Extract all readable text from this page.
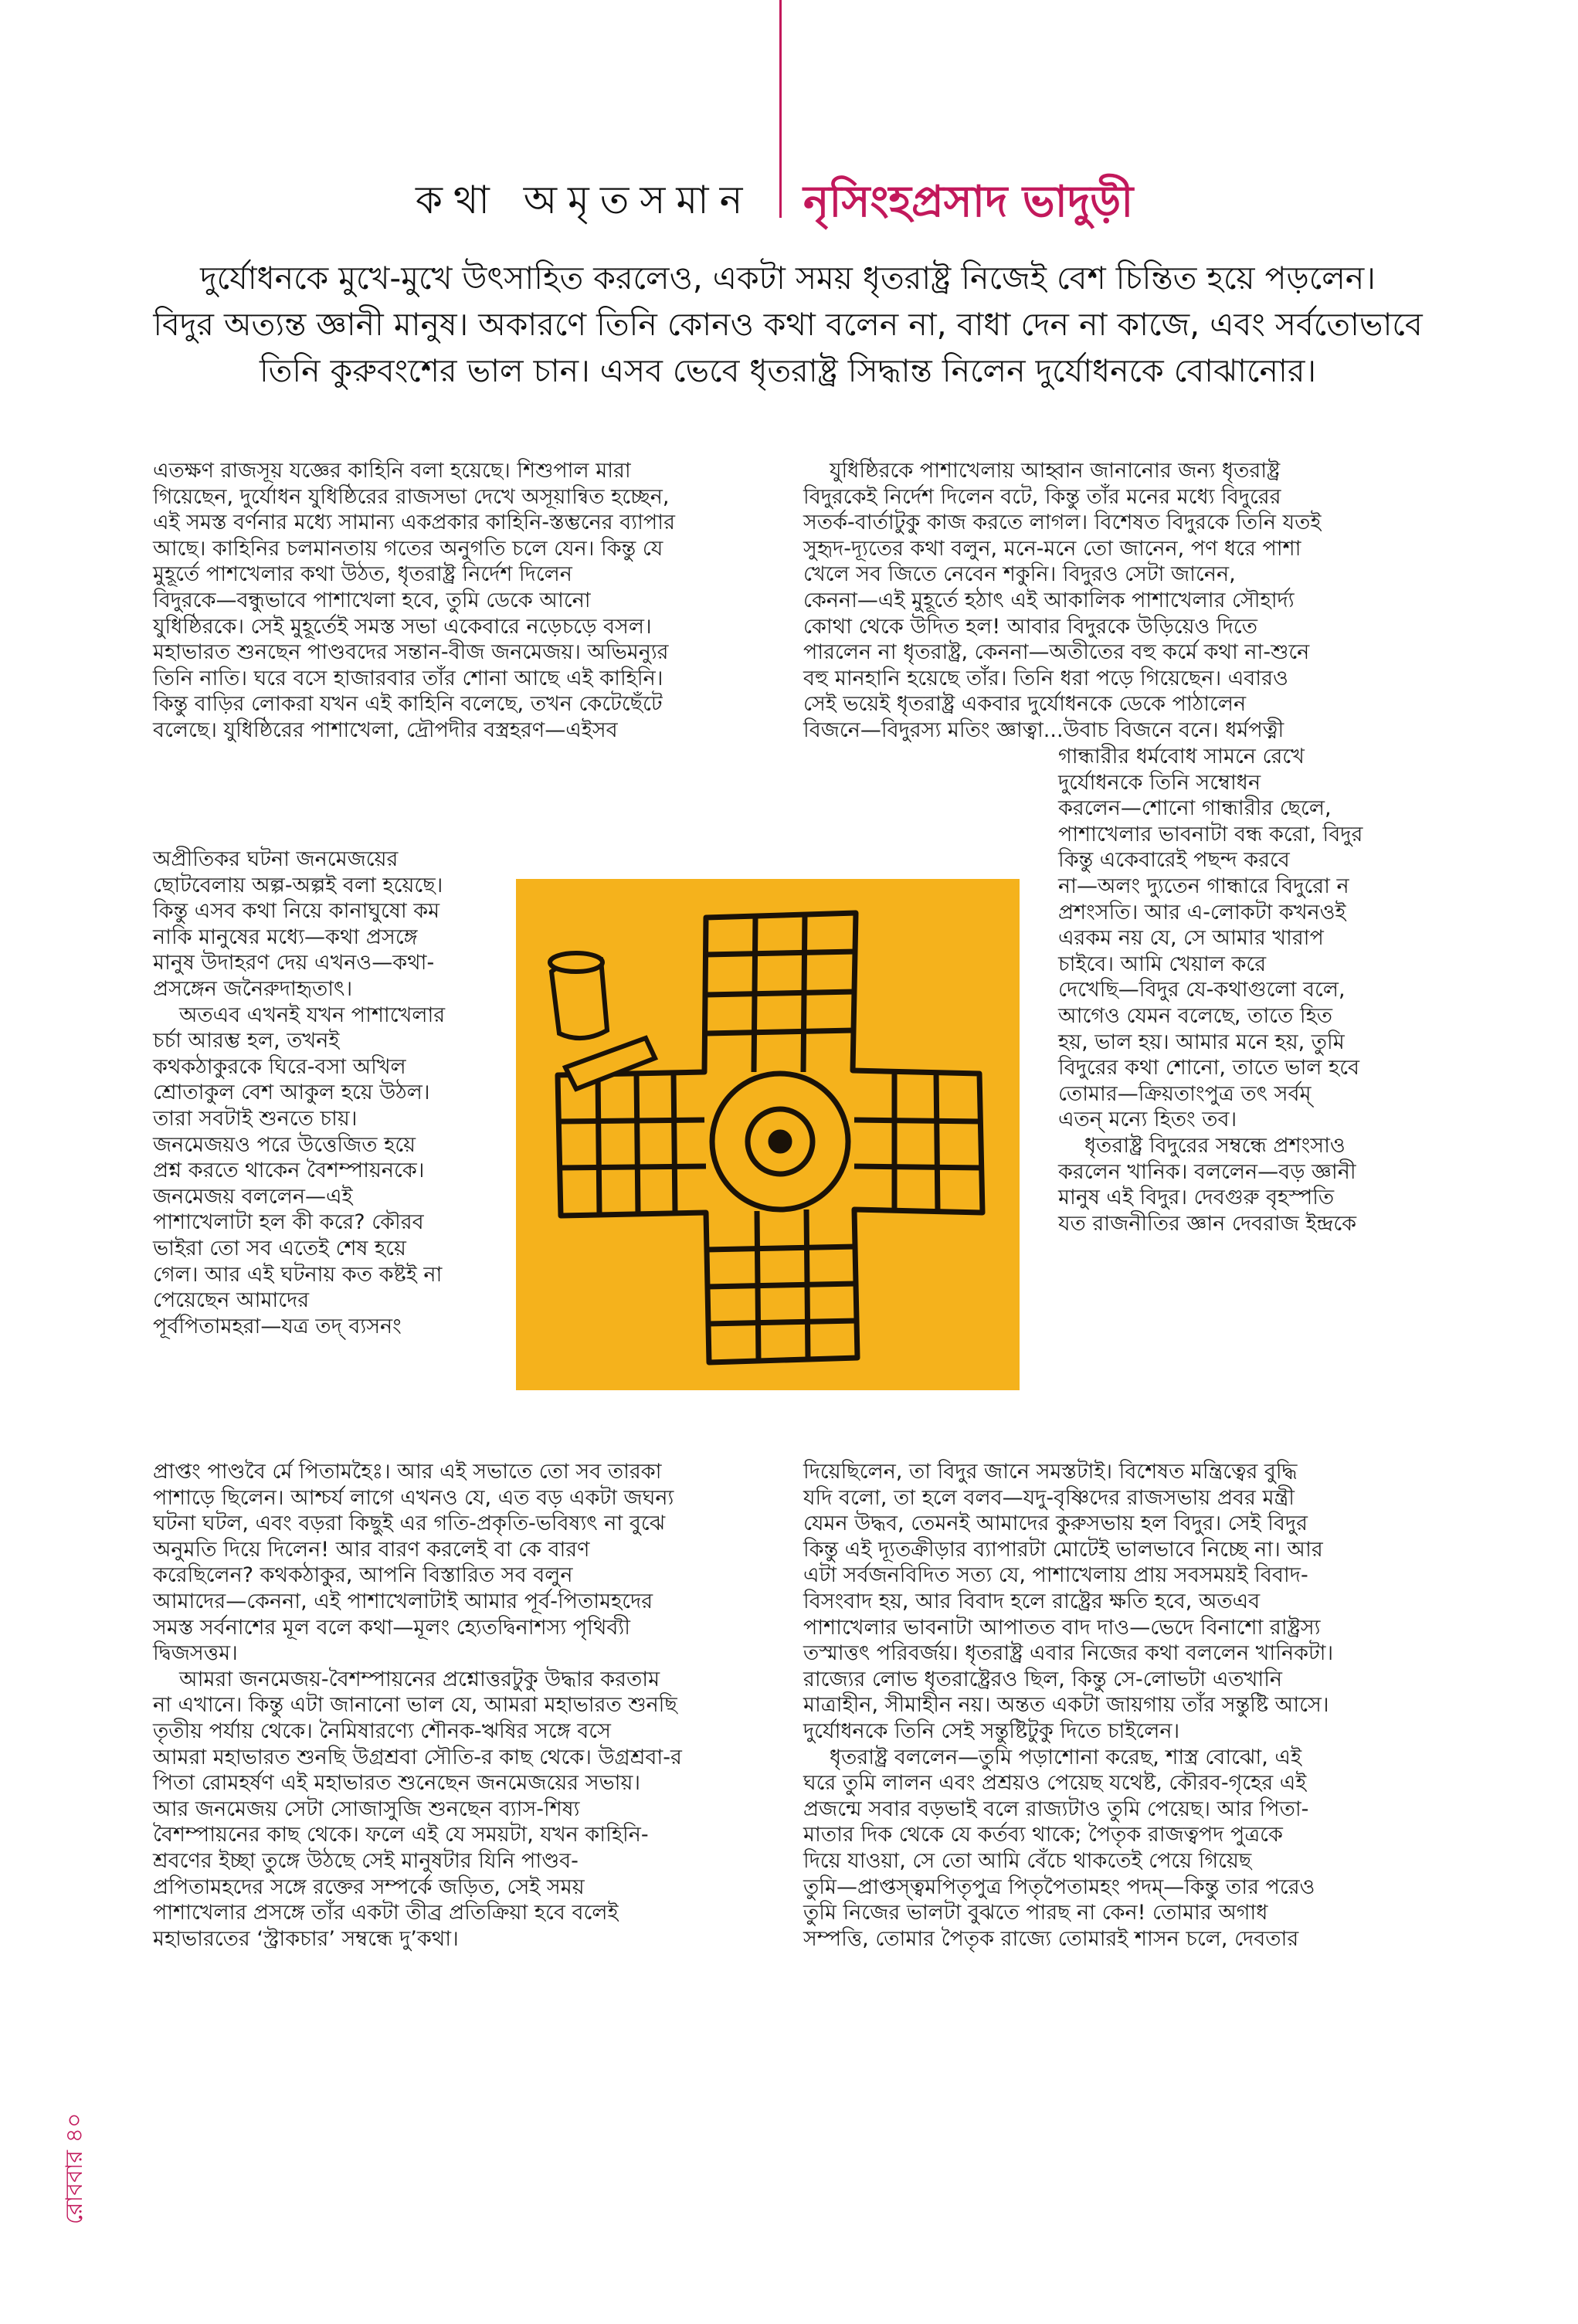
কথা অমৃতসমান নৃসিংহপ্রসাদ ভাদুড়ী
দুর্যোধনকে মুখে-মুখে উৎসাহিত করলেও, একটা সময় ধৃতরাষ্ট্র নিজেই বেশ চিন্তিত হয়ে পড়লেন।
বিদুর অত্যন্ত জ্ঞানী মানুষ। অকারণে তিনি কোনও কথা বলেন না, বাধা দেন না কাজে, এবং সর্বতোভাবে
তিনি কুরুবংশের ভাল চান। এসব ভেবে ধৃতরাষ্ট্র সিদ্ধান্ত নিলেন দুর্যোধনকে বোঝানোর।

এতক্ষণ রাজসূয় যজ্ঞের কাহিনি বলা হয়েছে। শিশুপাল মারা

গিয়েছেন, দুর্যোধন যুধিষ্ঠিরের রাজসভা দেখে অসূয়ান্বিত হচ্ছেন,

এই সমস্ত বর্ণনার মধ্যে সামান্য একপ্রকার কাহিনি-স্তম্ভনের ব্যাপার

আছে। কাহিনির চলমানতায় গতের অনুগতি চলে যেন। কিন্তু যে

মুহূর্তে পাশখেলার কথা উঠত, ধৃতরাষ্ট্র নির্দেশ দিলেন

বিদুরকে—বন্ধুভাবে পাশাখেলা হবে, তুমি ডেকে আনো

যুধিষ্ঠিরকে। সেই মুহূর্তেই সমস্ত সভা একেবারে নড়েচড়ে বসল।

মহাভারত শুনছেন পাণ্ডবদের সন্তান-বীজ জনমেজয়। অভিমন্যুর

তিনি নাতি। ঘরে বসে হাজারবার তাঁর শোনা আছে এই কাহিনি।

কিন্তু বাড়ির লোকরা যখন এই কাহিনি বলেছে, তখন কেটেছেঁটে

বলেছে। যুধিষ্ঠিরের পাশাখেলা, দ্রৌপদীর বস্ত্রহরণ—এইসব

অপ্রীতিকর ঘটনা জনমেজয়ের

ছোটবেলায় অল্প-অল্পই বলা হয়েছে।

কিন্তু এসব কথা নিয়ে কানাঘুষো কম

নাকি মানুষের মধ্যে—কথা প্রসঙ্গে

মানুষ উদাহরণ দেয় এখনও—কথা-

প্রসঙ্গেন জনৈরুদাহৃতাৎ।

অতএব এখনই যখন পাশাখেলার

চর্চা আরম্ভ হল, তখনই

কথকঠাকুরকে ঘিরে-বসা অখিল

শ্রোতাকুল বেশ আকুল হয়ে উঠল।

তারা সবটাই শুনতে চায়।

জনমেজয়ও পরে উত্তেজিত হয়ে

প্রশ্ন করতে থাকেন বৈশম্পায়নকে।

জনমেজয় বললেন—এই

পাশাখেলাটা হল কী করে? কৌরব

ভাইরা তো সব এতেই শেষ হয়ে

গেল। আর এই ঘটনায় কত কষ্টই না

পেয়েছেন আমাদের

পূর্বপিতামহরা—যত্র তদ্ ব্যসনং

প্রাপ্তং পাণ্ডবৈ র্মে পিতামহৈঃ। আর এই সভাতে তো সব তারকা

পাশাড়ে ছিলেন। আশ্চর্য লাগে এখনও যে, এত বড় একটা জঘন্য

ঘটনা ঘটল, এবং বড়রা কিছুই এর গতি-প্রকৃতি-ভবিষ্যৎ না বুঝে

অনুমতি দিয়ে দিলেন! আর বারণ করলেই বা কে বারণ

করেছিলেন? কথকঠাকুর, আপনি বিস্তারিত সব বলুন

আমাদের—কেননা, এই পাশাখেলাটাই আমার পূর্ব-পিতামহদের

সমস্ত সর্বনাশের মূল বলে কথা—মূলং হ্যেতদ্বিনাশস্য পৃথিব্যী

দ্বিজসত্তম।

আমরা জনমেজয়-বৈশম্পায়নের প্রশ্নোত্তরটুকু উদ্ধার করতাম

না এখানে। কিন্তু এটা জানানো ভাল যে, আমরা মহাভারত শুনছি

তৃতীয় পর্যায় থেকে। নৈমিষারণ্যে শৌনক-ঋষির সঙ্গে বসে

আমরা মহাভারত শুনছি উগ্রশ্রবা সৌতি-র কাছ থেকে। উগ্রশ্রবা-র

পিতা রোমহর্ষণ এই মহাভারত শুনেছেন জনমেজয়ের সভায়।

আর জনমেজয় সেটা সোজাসুজি শুনছেন ব্যাস-শিষ্য

বৈশম্পায়নের কাছ থেকে। ফলে এই যে সময়টা, যখন কাহিনি-

শ্রবণের ইচ্ছা তুঙ্গে উঠছে সেই মানুষটার যিনি পাণ্ডব-

প্রপিতামহদের সঙ্গে রক্তের সম্পর্কে জড়িত, সেই সময়

পাশাখেলার প্রসঙ্গে তাঁর একটা তীব্র প্রতিক্রিয়া হবে বলেই

মহাভারতের ‘স্ট্রাকচার’ সম্বন্ধে দু’কথা।

যুধিষ্ঠিরকে পাশাখেলায় আহ্বান জানানোর জন্য ধৃতরাষ্ট্র

বিদুরকেই নির্দেশ দিলেন বটে, কিন্তু তাঁর মনের মধ্যে বিদুরের

সতর্ক-বার্তাটুকু কাজ করতে লাগল। বিশেষত বিদুরকে তিনি যতই

সুহৃদ-দ্যূতের কথা বলুন, মনে-মনে তো জানেন, পণ ধরে পাশা

খেলে সব জিতে নেবেন শকুনি। বিদুরও সেটা জানেন,

কেননা—এই মুহূর্তে হঠাৎ এই আকালিক পাশাখেলার সৌহার্দ্য

কোথা থেকে উদিত হল! আবার বিদুরকে উড়িয়েও দিতে

পারলেন না ধৃতরাষ্ট্র, কেননা—অতীতের বহু কর্মে কথা না-শুনে

বহু মানহানি হয়েছে তাঁর। তিনি ধরা পড়ে গিয়েছেন। এবারও

সেই ভয়েই ধৃতরাষ্ট্র একবার দুর্যোধনকে ডেকে পাঠালেন

বিজনে—বিদুরস্য মতিং জ্ঞাত্বা...উবাচ বিজনে বনে। ধর্মপত্নী

গান্ধারীর ধর্মবোধ সামনে রেখে

দুর্যোধনকে তিনি সম্বোধন

করলেন—শোনো গান্ধারীর ছেলে,

পাশাখেলার ভাবনাটা বন্ধ করো, বিদুর

কিন্তু একেবারেই পছন্দ করবে

না—অলং দ্যুতেন গান্ধারে বিদুরো ন

প্রশংসতি। আর এ-লোকটা কখনওই

এরকম নয় যে, সে আমার খারাপ

চাইবে। আমি খেয়াল করে

দেখেছি—বিদুর যে-কথাগুলো বলে,

আগেও যেমন বলেছে, তাতে হিত

হয়, ভাল হয়। আমার মনে হয়, তুমি

বিদুরের কথা শোনো, তাতে ভাল হবে

তোমার—ক্রিয়তাংপুত্র তৎ সর্বম্

এতন্ মন্যে হিতং তব।

ধৃতরাষ্ট্র বিদুরের সম্বন্ধে প্রশংসাও

করলেন খানিক। বললেন—বড় জ্ঞানী

মানুষ এই বিদুর। দেবগুরু বৃহস্পতি

যত রাজনীতির জ্ঞান দেবরাজ ইন্দ্রকে

দিয়েছিলেন, তা বিদুর জানে সমস্তটাই। বিশেষত মন্ত্রিত্বের বুদ্ধি

যদি বলো, তা হলে বলব—যদু-বৃষ্ণিদের রাজসভায় প্রবর মন্ত্রী

যেমন উদ্ধব, তেমনই আমাদের কুরুসভায় হল বিদুর। সেই বিদুর

কিন্তু এই দ্যূতক্রীড়ার ব্যাপারটা মোটেই ভালভাবে নিচ্ছে না। আর

এটা সর্বজনবিদিত সত্য যে, পাশাখেলায় প্রায় সবসময়ই বিবাদ-

বিসংবাদ হয়, আর বিবাদ হলে রাষ্ট্রের ক্ষতি হবে, অতএব

পাশাখেলার ভাবনাটা আপাতত বাদ দাও—ভেদে বিনাশো রাষ্ট্রস্য

তস্মাত্তৎ পরিবর্জয়। ধৃতরাষ্ট্র এবার নিজের কথা বললেন খানিকটা।

রাজ্যের লোভ ধৃতরাষ্ট্রেরও ছিল, কিন্তু সে-লোভটা এতখানি

মাত্রাহীন, সীমাহীন নয়। অন্তত একটা জায়গায় তাঁর সন্তুষ্টি আসে।

দুর্যোধনকে তিনি সেই সন্তুষ্টিটুকু দিতে চাইলেন।

ধৃতরাষ্ট্র বললেন—তুমি পড়াশোনা করেছ, শাস্ত্র বোঝো, এই

ঘরে তুমি লালন এবং প্রশ্রয়ও পেয়েছ যথেষ্ট, কৌরব-গৃহের এই

প্রজন্মে সবার বড়ভাই বলে রাজ্যটাও তুমি পেয়েছ। আর পিতা-

মাতার দিক থেকে যে কর্তব্য থাকে; পৈতৃক রাজত্বপদ পুত্রকে

দিয়ে যাওয়া, সে তো আমি বেঁচে থাকতেই পেয়ে গিয়েছ

তুমি—প্রাপ্তস্ত্বমপিতৃপুত্র পিতৃপৈতামহং পদম্—কিন্তু তার পরেও

তুমি নিজের ভালটা বুঝতে পারছ না কেন! তোমার অগাধ

সম্পত্তি, তোমার পৈতৃক রাজ্যে তোমারই শাসন চলে, দেবতার

রোববার ৪০
